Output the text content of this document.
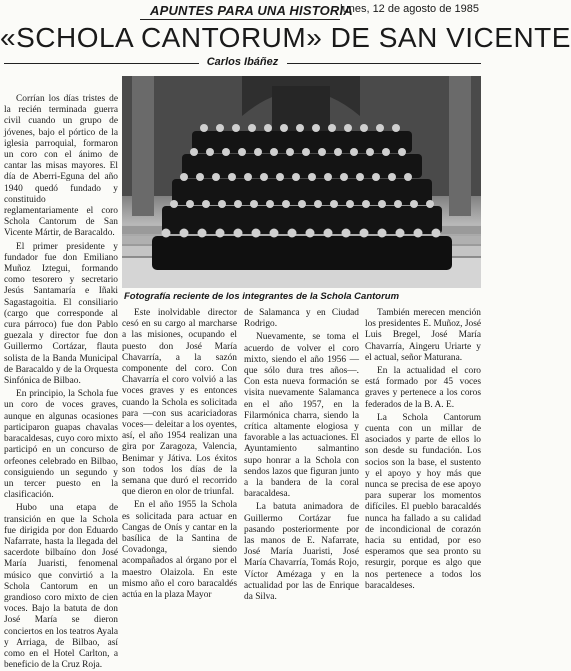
APUNTES PARA UNA HISTORIA
lunes, 12 de agosto de 1985
«SCHOLA CANTORUM» DE SAN VICENTE
Carlos Ibáñez

Corrían los días tristes de la recién terminada guerra civil cuando un grupo de jóvenes, bajo el pórtico de la iglesia parroquial, formaron un coro con el ánimo de cantar las misas mayores. El día de Aberri-Eguna del año 1940 quedó fundado y constituido reglamentariamente el coro Schola Cantorum de San Vicente Mártir, de Baracaldo.

El primer presidente y fundador fue don Emiliano Muñoz Iztegui, formando como tesorero y secretario Jesús Santamaría e Iñaki Sagastagoitia. El consiliario (cargo que corresponde al cura párroco) fue don Pablo guezala y director fue don Guillermo Cortázar, flauta solista de la Banda Municipal de Baracaldo y de la Orquesta Sinfónica de Bilbao.

En principio, la Schola fue un coro de voces graves, aunque en algunas ocasiones participaron guapas chavalas baracaldesas, cuyo coro mixto participó en un concurso de orfeones celebrado en Bilbao, consiguiendo un segundo y un tercer puesto en la clasificación.

Hubo una etapa de transición en que la Schola fue dirigida por don Eduardo Nafarrate, hasta la llegada del sacerdote bilbaíno don José María Juaristi, fenomenal músico que convirtió a la Schola Cantorum en un grandioso coro mixto de cien voces. Bajo la batuta de don José María se dieron conciertos en los teatros Ayala y Arriaga, de Bilbao, así como en el Hotel Carlton, a beneficio de la Cruz Roja.

Fotografía reciente de los integrantes de la Schola Cantorum

Este inolvidable director cesó en su cargo al marcharse a las misiones, ocupando el puesto don José María Chavarría, a la sazón componente del coro. Con Chavarría el coro volvió a las voces graves y es entonces cuando la Schola es solicitada para —con sus acariciadoras voces— deleitar a los oyentes, así, el año 1954 realizan una gira por Zaragoza, Valencia, Benimar y Játiva. Los éxitos son todos los días de la semana que duró el recorrido que dieron en olor de triunfal.

En el año 1955 la Schola es solicitada para actuar en Cangas de Onís y cantar en la basílica de la Santina de Covadonga, siendo acompañados al órgano por el maestro Olaizola. En este mismo año el coro baracaldés actúa en la plaza Mayor

de Salamanca y en Ciudad Rodrigo.

Nuevamente, se toma el acuerdo de volver el coro mixto, siendo el año 1956 —que sólo dura tres años—. Con esta nueva formación se visita nuevamente Salamanca en el año 1957, en la Filarmónica charra, siendo la crítica altamente elogiosa y favorable a las actuaciones. El Ayuntamiento salmantino supo honrar a la Schola con sendos lazos que figuran junto a la bandera de la coral baracaldesa.

La batuta animadora de Guillermo Cortázar fue pasando posteriormente por las manos de E. Nafarrate, José María Juaristi, José María Chavarría, Tomás Rojo, Víctor Amézaga y en la actualidad por las de Enrique da Silva.

También merecen mención los presidentes E. Muñoz, José Luis Bregel, José María Chavarría, Aingeru Uriarte y el actual, señor Maturana.

En la actualidad el coro está formado por 45 voces graves y pertenece a los coros federados de la B. A. E.

La Schola Cantorum cuenta con un millar de asociados y parte de ellos lo son desde su fundación. Los socios son la base, el sustento y el apoyo y hoy más que nunca se precisa de ese apoyo para superar los momentos difíciles. El pueblo baracaldés nunca ha fallado a su calidad de incondicional de corazón hacia su entidad, por eso esperamos que sea pronto su resurgir, porque es algo que nos pertenece a todos los baracaldeses.
